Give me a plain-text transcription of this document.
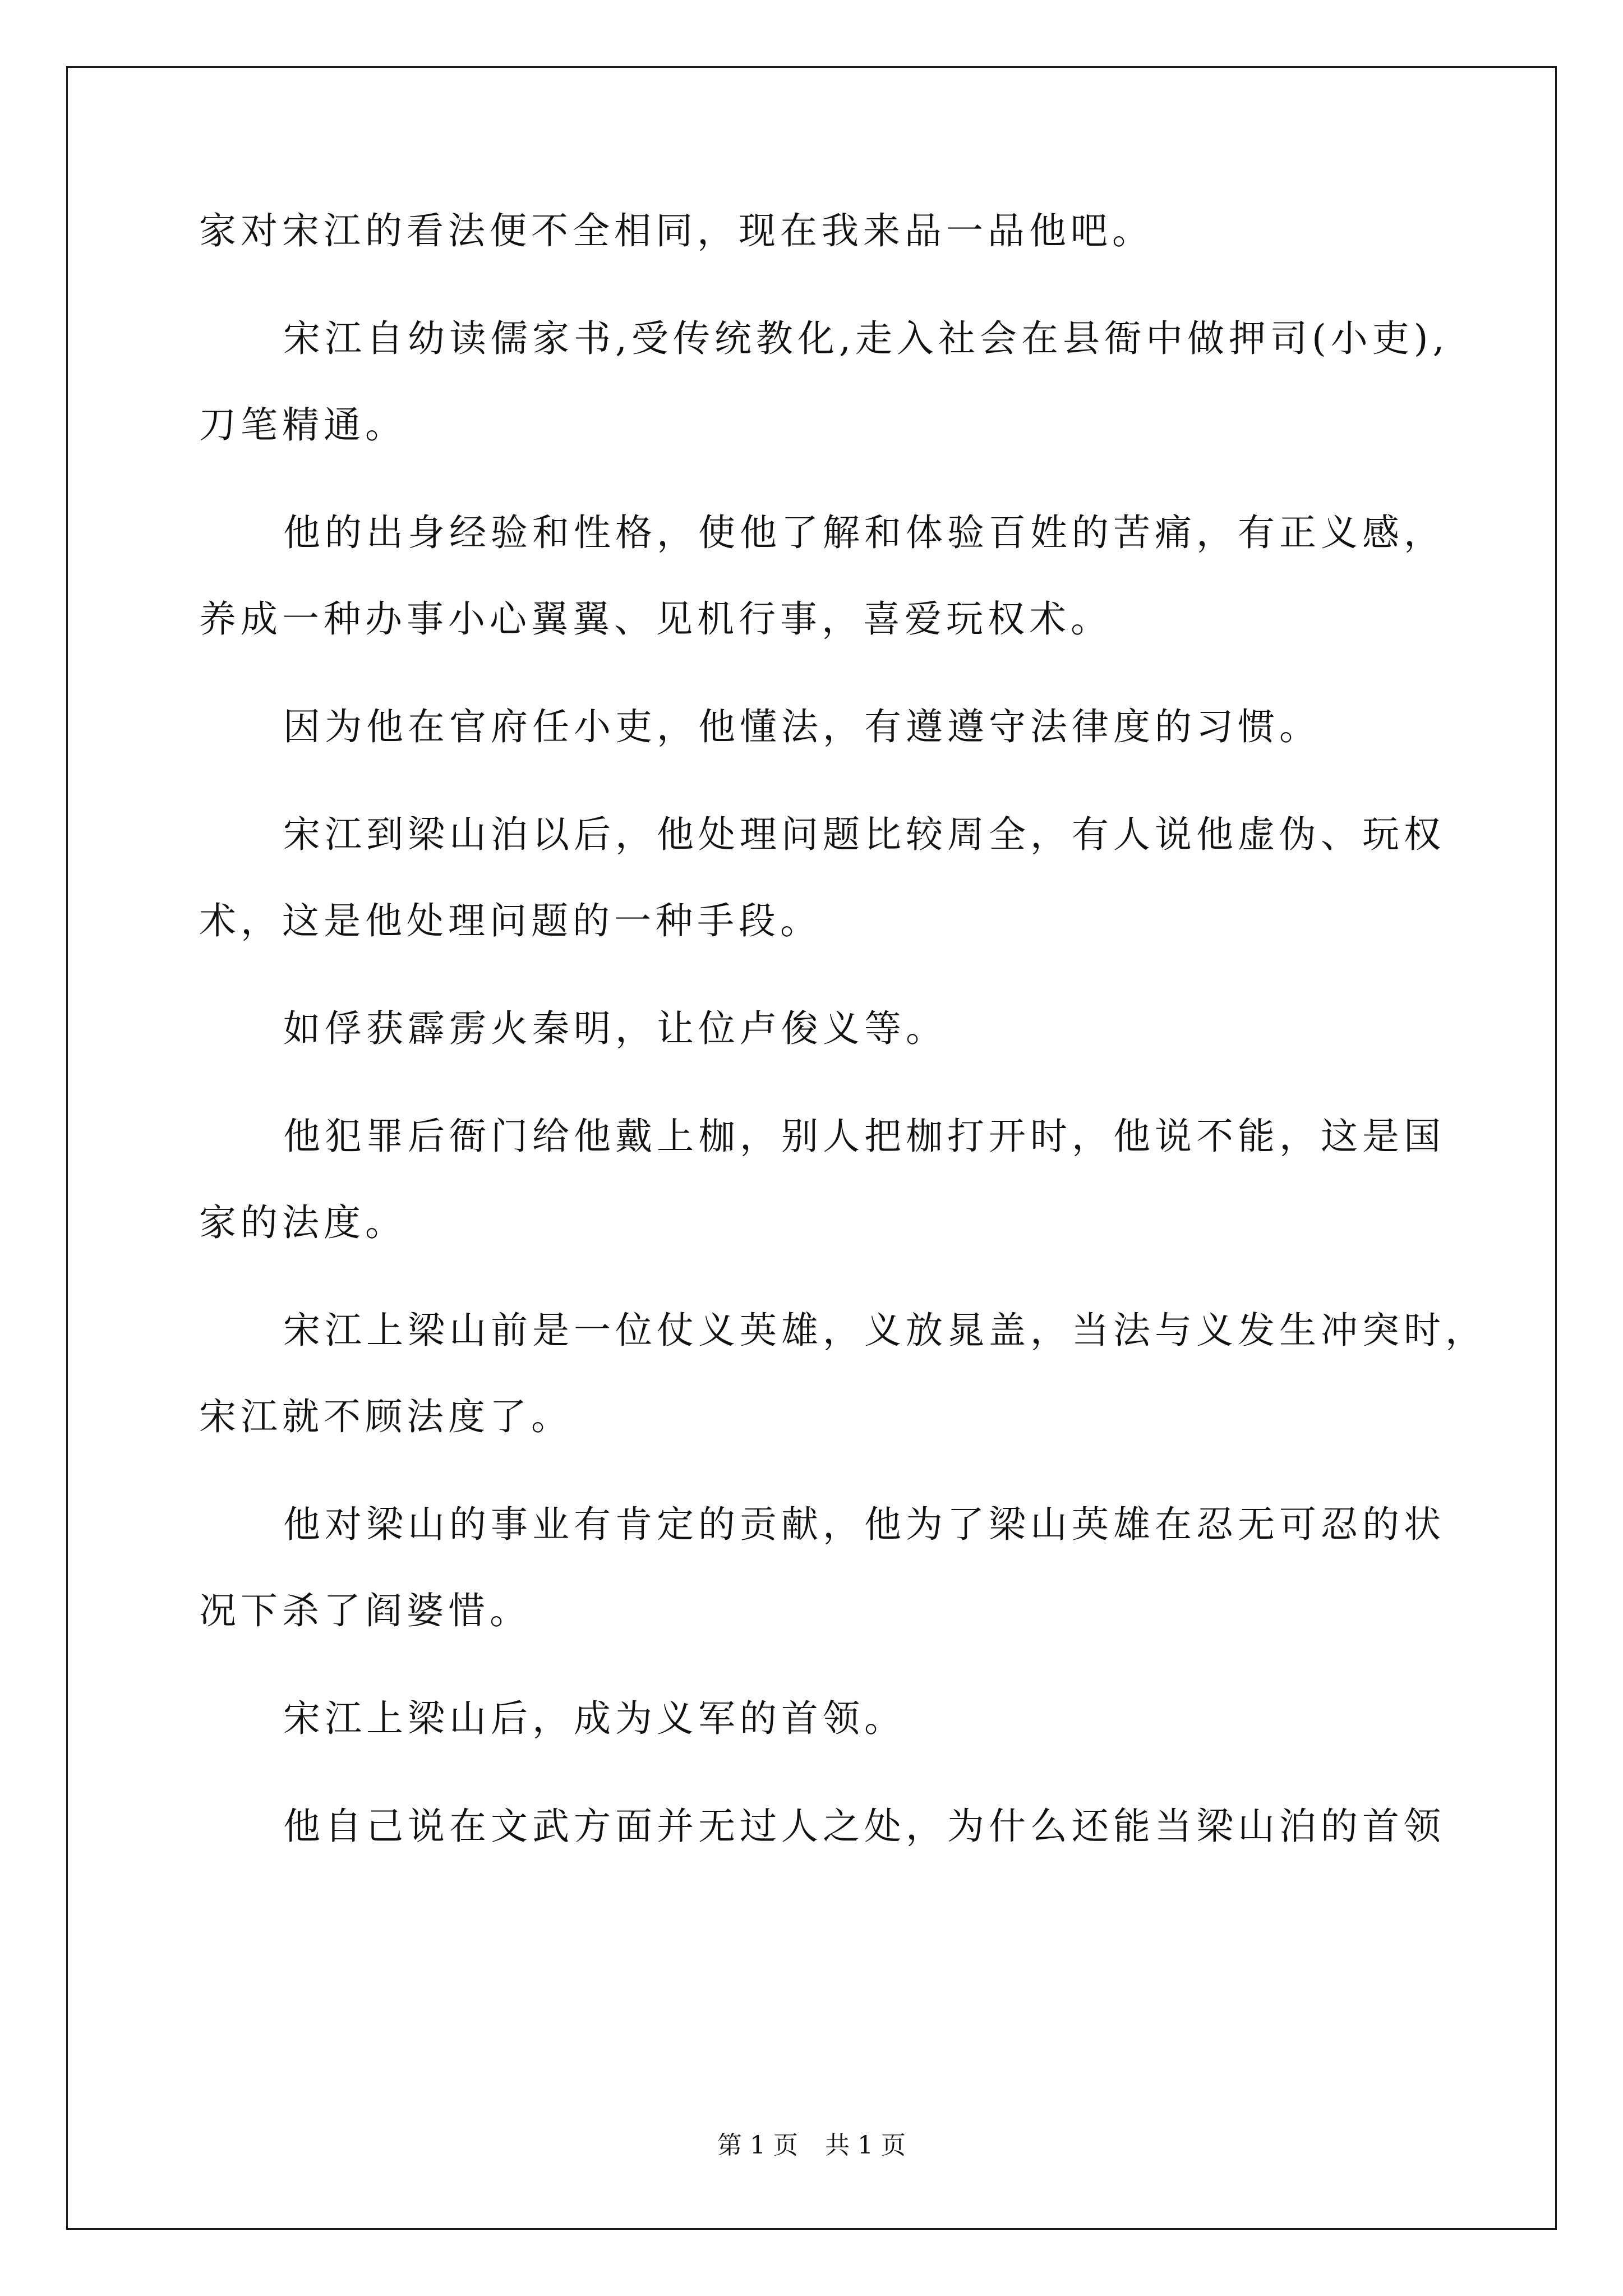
家对宋江的看法便不全相同，现在我来品一品他吧。

宋江自幼读儒家书,受传统教化,走入社会在县衙中做押司(小吏),

刀笔精通。

他的出身经验和性格，使他了解和体验百姓的苦痛，有正义感，

养成一种办事小心翼翼、见机行事，喜爱玩权术。

因为他在官府任小吏，他懂法，有遵遵守法律度的习惯。

宋江到梁山泊以后，他处理问题比较周全，有人说他虚伪、玩权

术，这是他处理问题的一种手段。

如俘获霹雳火秦明，让位卢俊义等。

他犯罪后衙门给他戴上枷，别人把枷打开时，他说不能，这是国

家的法度。

宋江上梁山前是一位仗义英雄，义放晁盖，当法与义发生冲突时，

宋江就不顾法度了。

他对梁山的事业有肯定的贡献，他为了梁山英雄在忍无可忍的状

况下杀了阎婆惜。

宋江上梁山后，成为义军的首领。

他自己说在文武方面并无过人之处，为什么还能当梁山泊的首领

第 1 页 共 1 页
